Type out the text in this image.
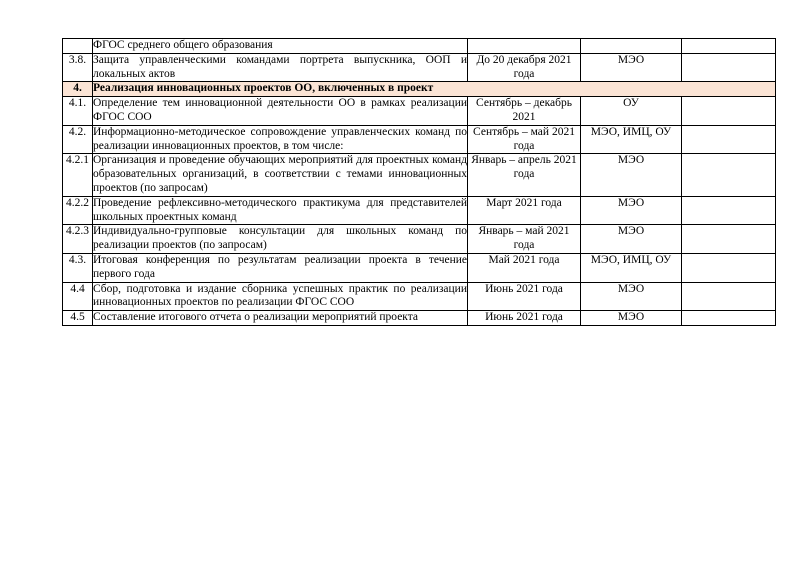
	ФГОС среднего общего образования			
3.8.	Защита управленческими командами портрета выпускника, ООП и локальных актов	До 20 декабря 2021 года	МЭО	
4.	Реализация инновационных проектов ОО, включенных в проект			
4.1.	Определение тем инновационной деятельности ОО в рамках реализации ФГОС СОО	Сентябрь – декабрь 2021	ОУ	
4.2.	Информационно-методическое сопровождение управленческих команд по реализации инновационных проектов, в том числе:	Сентябрь – май 2021 года	МЭО, ИМЦ, ОУ	
4.2.1	Организация и проведение обучающих мероприятий для проектных команд образовательных организаций, в соответствии с темами инновационных проектов (по запросам)	Январь – апрель 2021 года	МЭО	
4.2.2	Проведение рефлексивно-методического практикума для представителей школьных проектных команд	Март 2021 года	МЭО	
4.2.3	Индивидуально-групповые консультации для школьных команд по реализации проектов (по запросам)	Январь – май 2021 года	МЭО	
4.3.	Итоговая конференция по результатам реализации проекта в течение первого года	Май 2021 года	МЭО, ИМЦ, ОУ	
4.4	Сбор, подготовка и издание сборника успешных практик по реализации инновационных проектов по реализации ФГОС СОО	Июнь 2021 года	МЭО	
4.5	Составление итогового отчета о реализации мероприятий проекта	Июнь 2021 года	МЭО	
